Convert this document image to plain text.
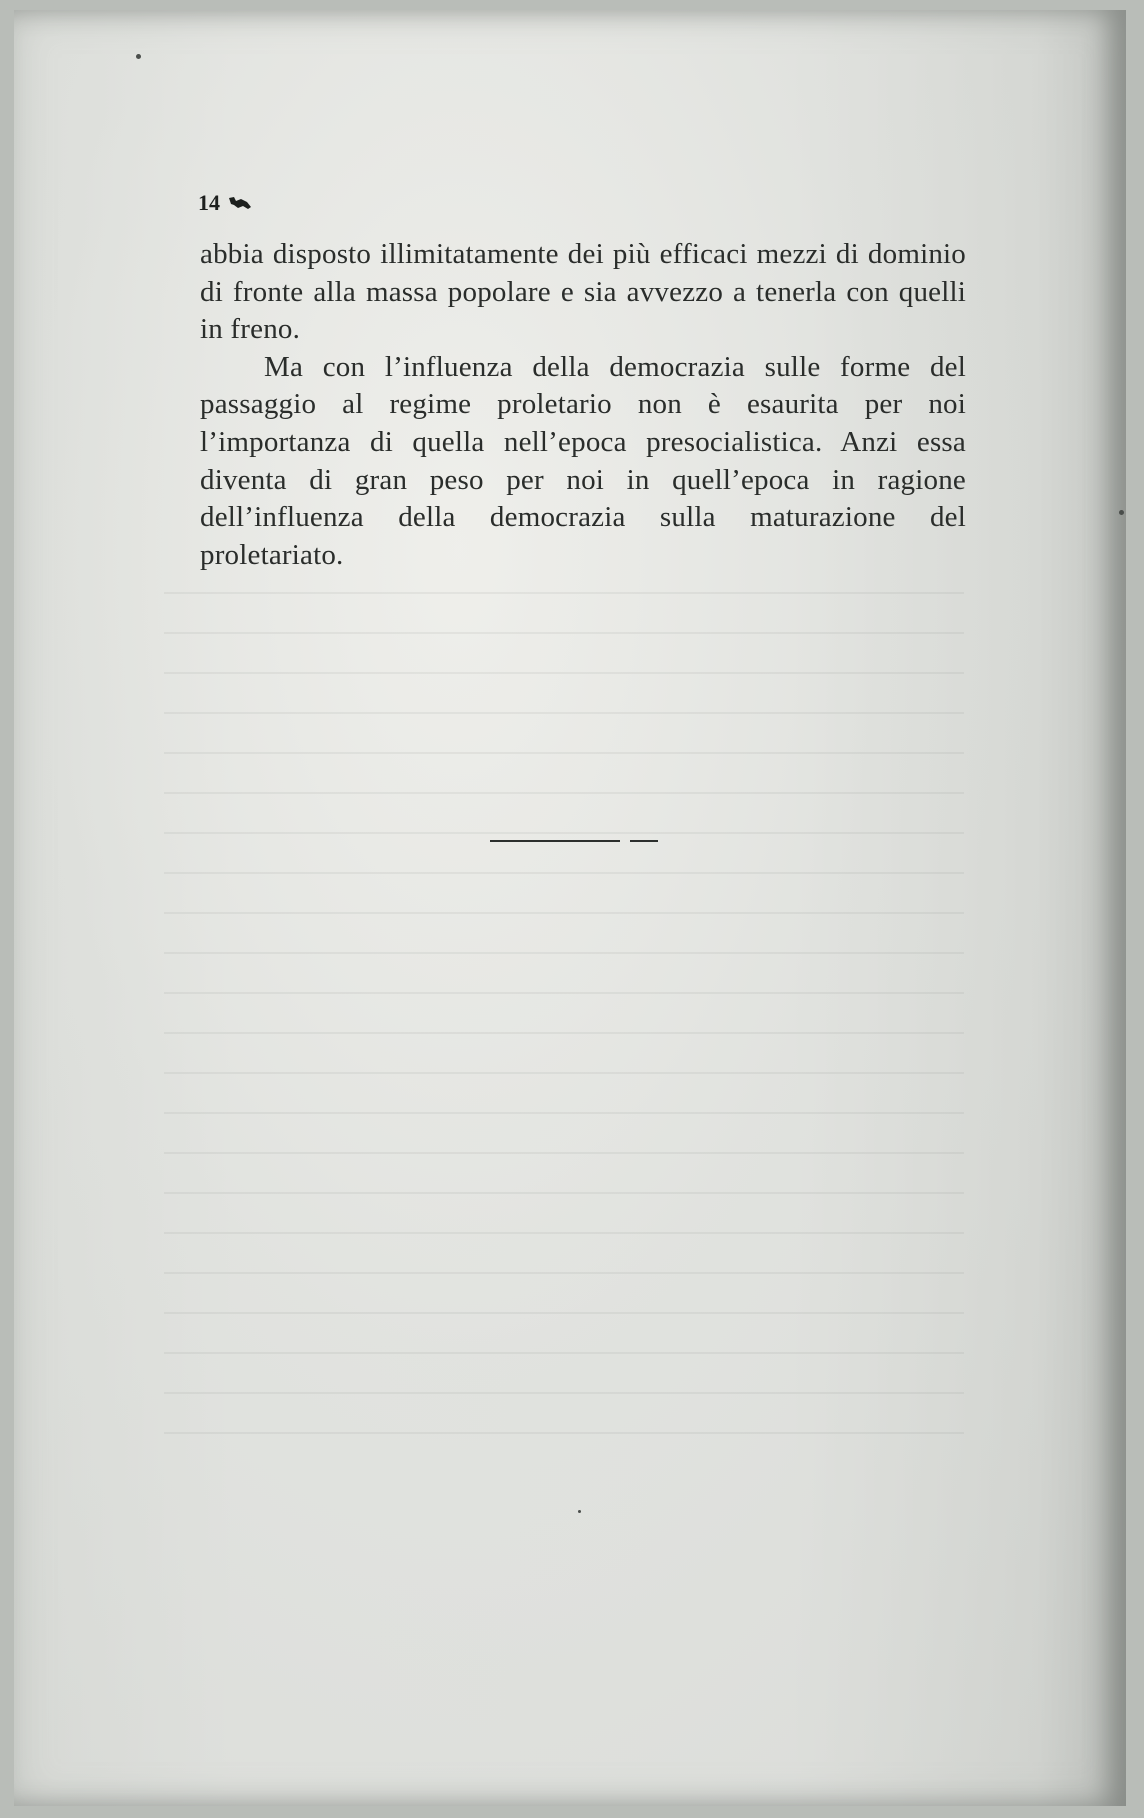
14

abbia disposto illimitatamente dei più efficaci mezzi di dominio di fronte alla massa popolare e sia avvezzo a tenerla con quelli in freno.

Ma con l’influenza della democrazia sulle forme del passaggio al regime proletario non è esaurita per noi l’importanza di quella nell’epoca presocialistica. Anzi essa diventa di gran peso per noi in quell’epoca in ragione dell’influenza della democrazia sulla maturazione del proletariato.
